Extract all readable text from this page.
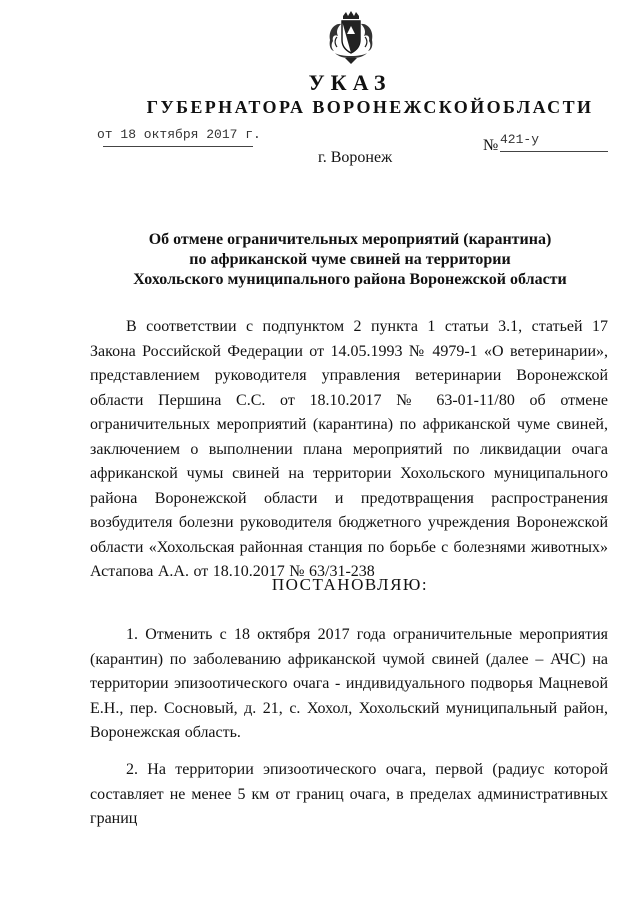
УКАЗ
ГУБЕРНАТОРА ВОРОНЕЖСКОЙОБЛАСТИ
от 18 октября 2017 г.
№ 421-у
г. Воронеж
Об отмене ограничительных мероприятий (карантина)
по африканской чуме свиней на территории
Хохольского муниципального района Воронежской области

В соответствии с подпунктом 2 пункта 1 статьи 3.1, статьей 17 Закона Российской Федерации от 14.05.1993 № 4979-1 «О ветеринарии», представлением руководителя управления ветеринарии Воронежской области Першина С.С. от 18.10.2017 № 63-01-11/80 об отмене ограничительных мероприятий (карантина) по африканской чуме свиней, заключением о выполнении плана мероприятий по ликвидации очага африканской чумы свиней на территории Хохольского муниципального района Воронежской области и предотвращения распространения возбудителя болезни руководителя бюджетного учреждения Воронежской области «Хохольская районная станция по борьбе с болезнями животных» Астапова А.А. от 18.10.2017 № 63/31-238

ПОСТАНОВЛЯЮ:

1. Отменить с 18 октября 2017 года ограничительные мероприятия (карантин) по заболеванию африканской чумой свиней (далее – АЧС) на территории эпизоотического очага - индивидуального подворья Мацневой Е.Н., пер. Сосновый, д. 21, с. Хохол, Хохольский муниципальный район, Воронежская область.

2. На территории эпизоотического очага, первой (радиус которой составляет не менее 5 км от границ очага, в пределах административных границ
